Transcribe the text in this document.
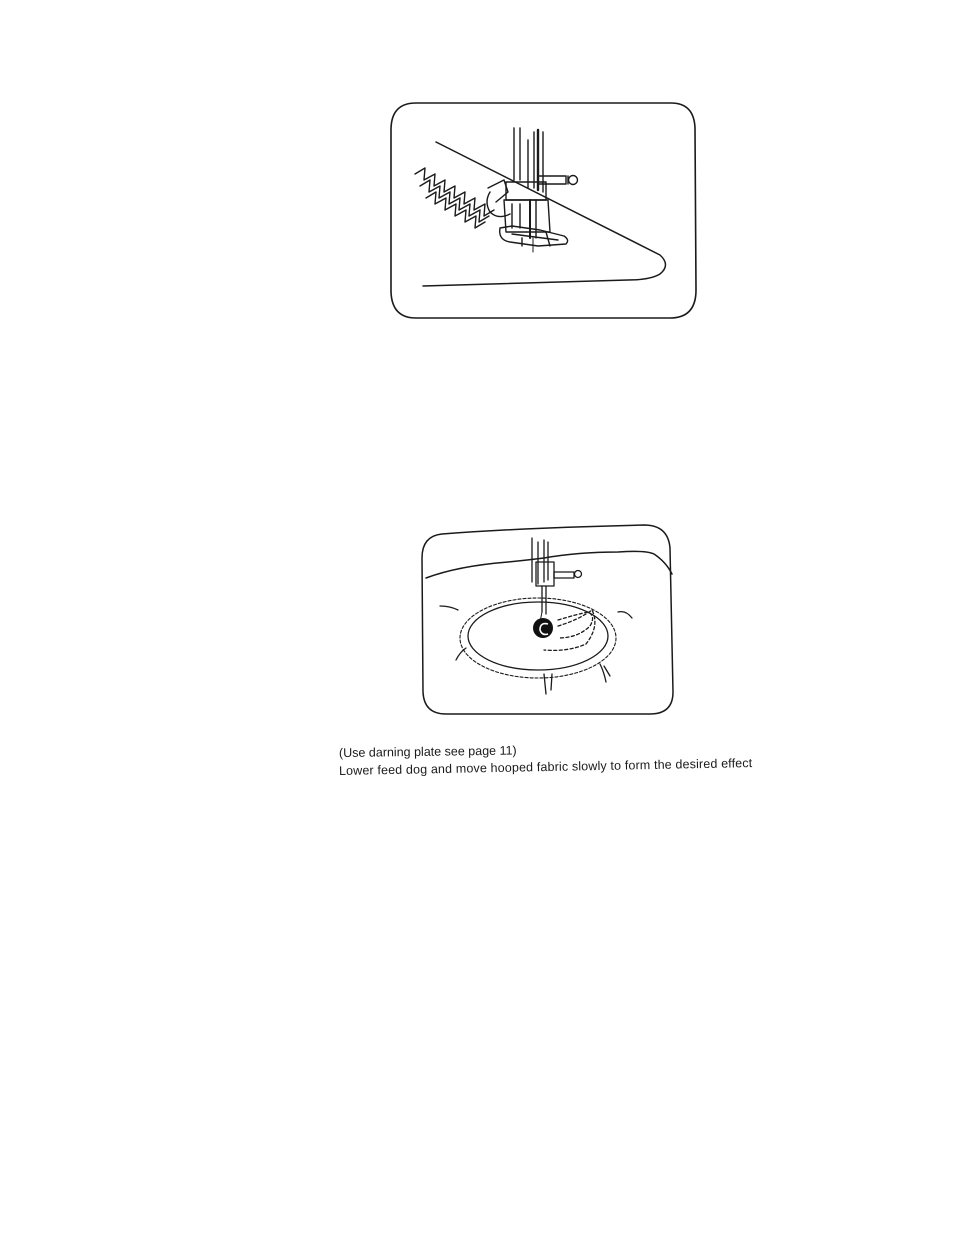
(Use darning plate see page 11)
Lower feed dog and move hooped fabric slowly to form the desired effect
